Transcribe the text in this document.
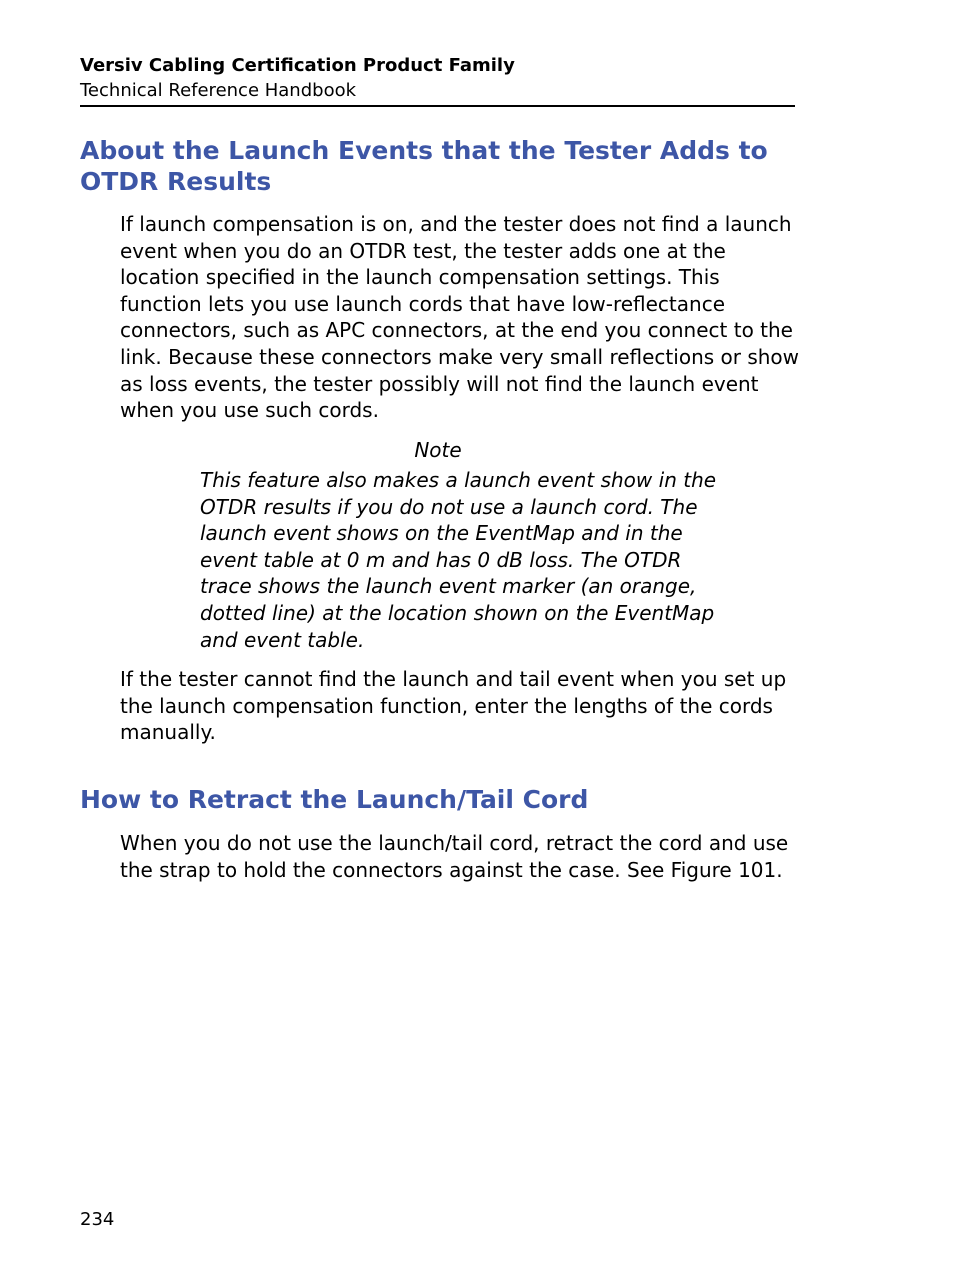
Versiv Cabling Certification Product Family
Technical Reference Handbook
About the Launch Events that the Tester Adds to OTDR Results

If launch compensation is on, and the tester does not find a launch event when you do an OTDR test, the tester adds one at the location specified in the launch compensation settings. This function lets you use launch cords that have low-reflectance connectors, such as APC connectors, at the end you connect to the link. Because these connectors make very small reflections or show as loss events, the tester possibly will not find the launch event when you use such cords.

Note

This feature also makes a launch event show in the OTDR results if you do not use a launch cord. The launch event shows on the EventMap and in the event table at 0 m and has 0 dB loss. The OTDR trace shows the launch event marker (an orange, dotted line) at the location shown on the EventMap and event table.

If the tester cannot find the launch and tail event when you set up the launch compensation function, enter the lengths of the cords manually.

How to Retract the Launch/Tail Cord

When you do not use the launch/tail cord, retract the cord and use the strap to hold the connectors against the case. See Figure 101.

234
